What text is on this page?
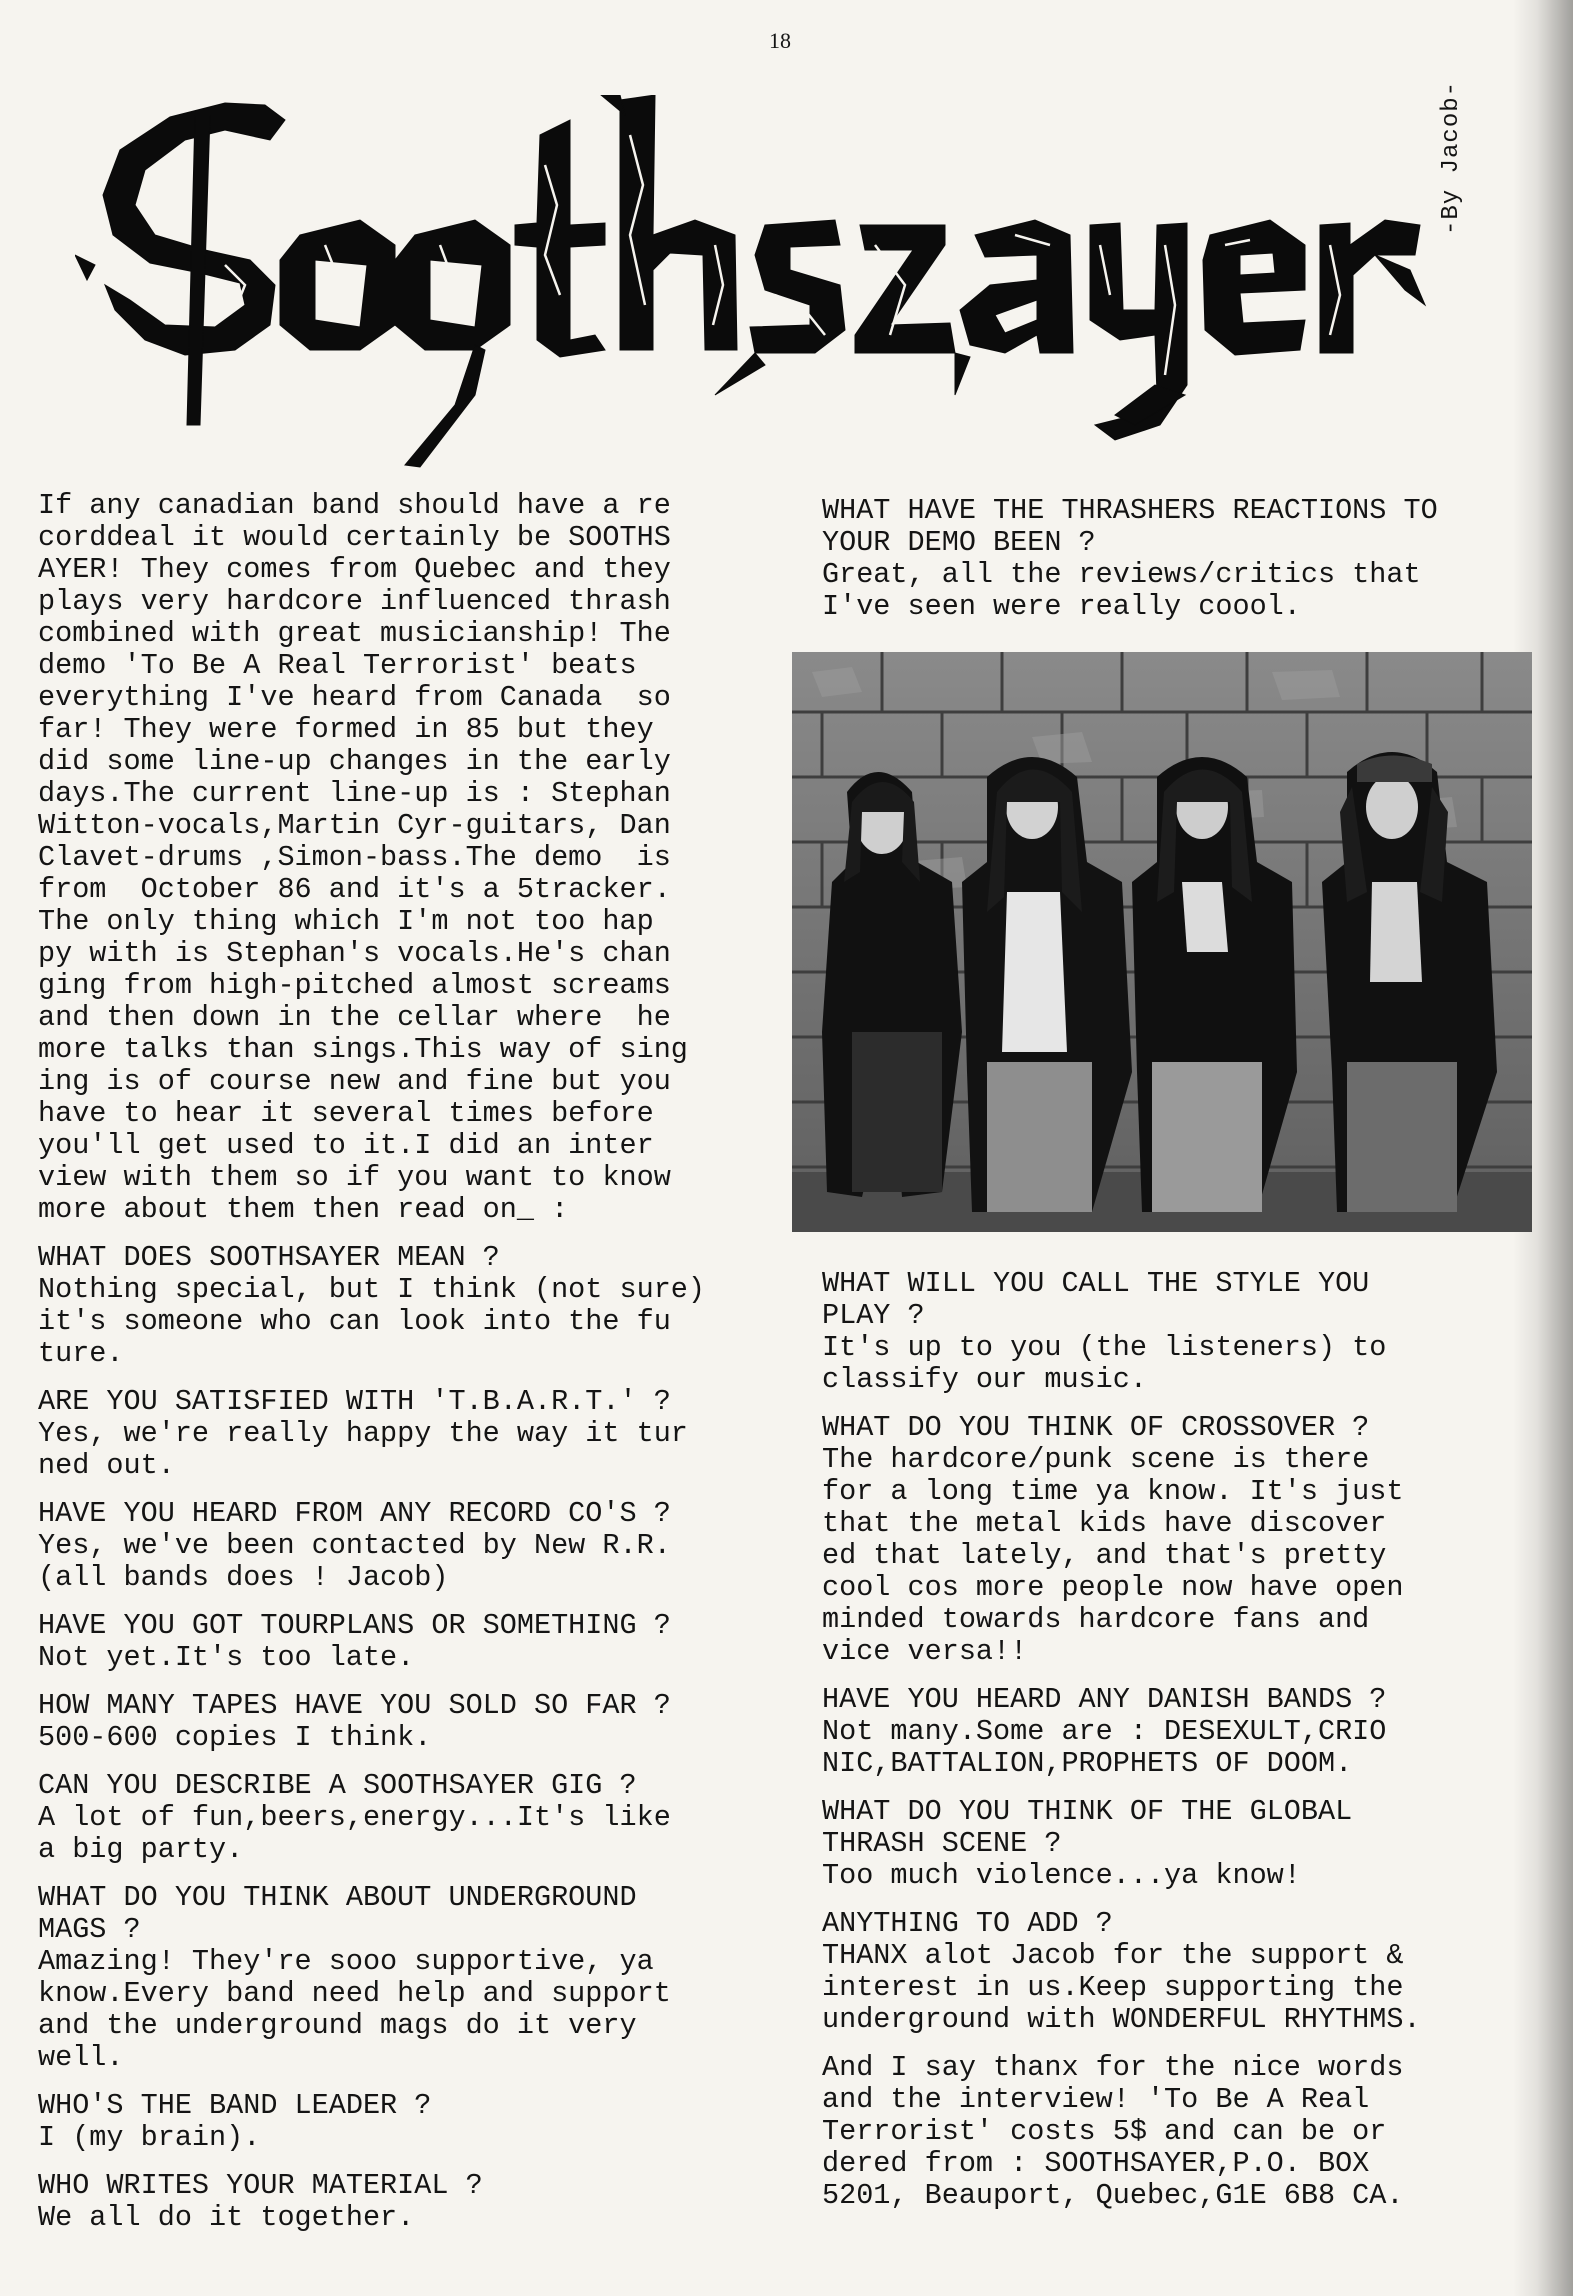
18
-By Jacob-

If any canadian band should have a re

corddeal it would certainly be SOOTHS

AYER! They comes from Quebec and they

plays very hardcore influenced thrash

combined with great musicianship! The

demo 'To Be A Real Terrorist' beats

everything I've heard from Canada  so

far! They were formed in 85 but they

did some line-up changes in the early

days.The current line-up is : Stephan

Witton-vocals,Martin Cyr-guitars, Dan

Clavet-drums ,Simon-bass.The demo  is

from  October 86 and it's a 5tracker.

The only thing which I'm not too hap

py with is Stephan's vocals.He's chan

ging from high-pitched almost screams

and then down in the cellar where  he

more talks than sings.This way of sing

ing is of course new and fine but you

have to hear it several times before

you'll get used to it.I did an inter

view with them so if you want to know

more about them then read on_ :

WHAT DOES SOOTHSAYER MEAN ?

Nothing special, but I think (not sure)

it's someone who can look into the fu

ture.

ARE YOU SATISFIED WITH 'T.B.A.R.T.' ?

Yes, we're really happy the way it tur

ned out.

HAVE YOU HEARD FROM ANY RECORD CO'S ?

Yes, we've been contacted by New R.R.

(all bands does ! Jacob)

HAVE YOU GOT TOURPLANS OR SOMETHING ?

Not yet.It's too late.

HOW MANY TAPES HAVE YOU SOLD SO FAR ?

500-600 copies I think.

CAN YOU DESCRIBE A SOOTHSAYER GIG ?

A lot of fun,beers,energy...It's like

a big party.

WHAT DO YOU THINK ABOUT UNDERGROUND

MAGS ?

Amazing! They're sooo supportive, ya

know.Every band need help and support

and the underground mags do it very

well.

WHO'S THE BAND LEADER ?

I (my brain).

WHO WRITES YOUR MATERIAL ?

We all do it together.

WHAT HAVE THE THRASHERS REACTIONS TO

YOUR DEMO BEEN ?

Great, all the reviews/critics that

I've seen were really coool.

WHAT WILL YOU CALL THE STYLE YOU

PLAY ?

It's up to you (the listeners) to

classify our music.

WHAT DO YOU THINK OF CROSSOVER ?

The hardcore/punk scene is there

for a long time ya know. It's just

that the metal kids have discover

ed that lately, and that's pretty

cool cos more people now have open

minded towards hardcore fans and

vice versa!!

HAVE YOU HEARD ANY DANISH BANDS ?

Not many.Some are : DESEXULT,CRIO

NIC,BATTALION,PROPHETS OF DOOM.

WHAT DO YOU THINK OF THE GLOBAL

THRASH SCENE ?

Too much violence...ya know!

ANYTHING TO ADD ?

THANX alot Jacob for the support &

interest in us.Keep supporting the

underground with WONDERFUL RHYTHMS.

And I say thanx for the nice words

and the interview! 'To Be A Real

Terrorist' costs 5$ and can be or

dered from : SOOTHSAYER,P.O. BOX

5201, Beauport, Quebec,G1E 6B8 CA.
